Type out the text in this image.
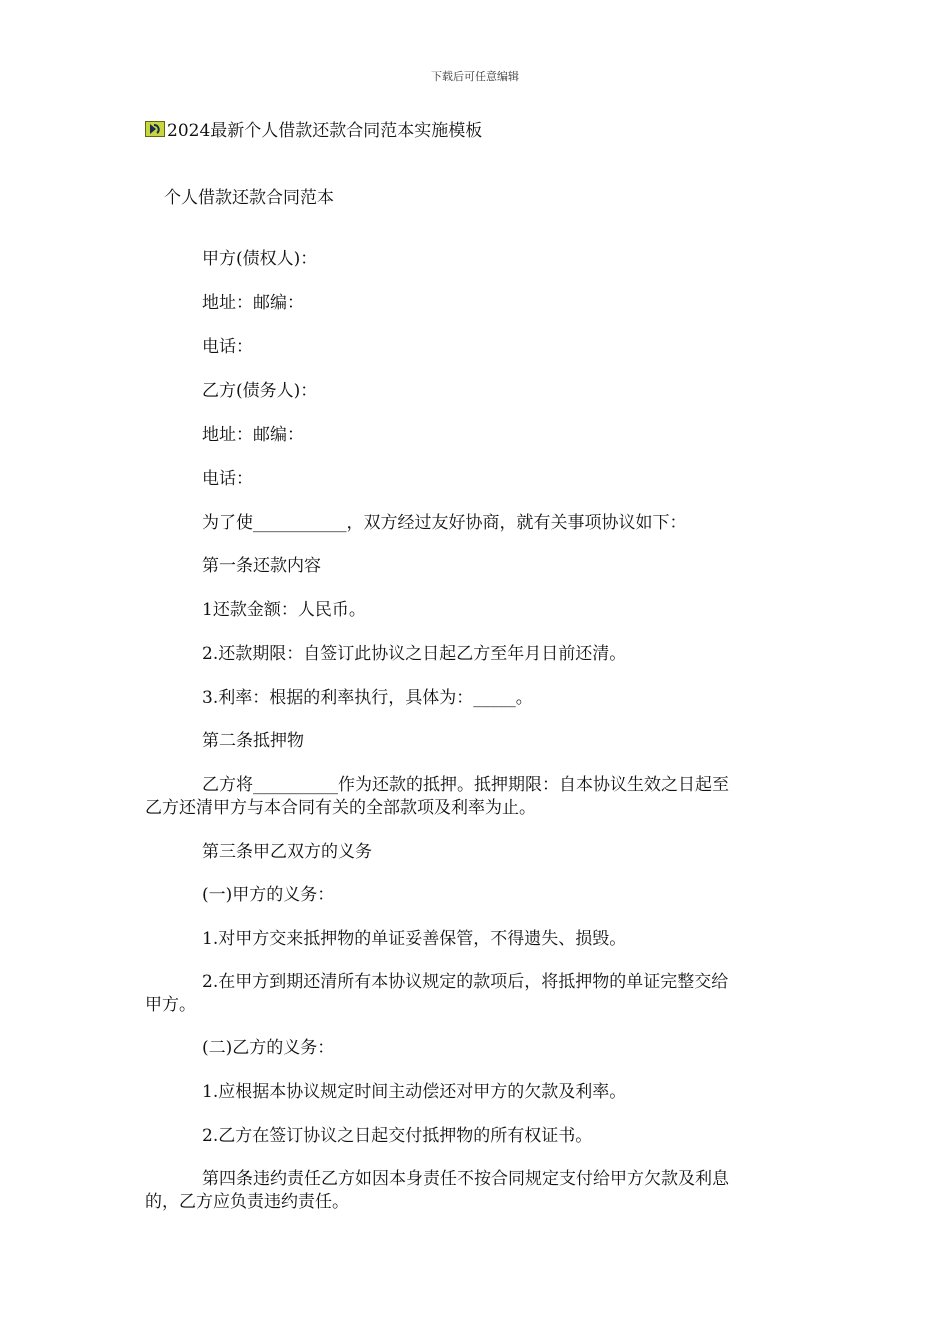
下载后可任意编辑
2024最新个人借款还款合同范本实施模板
个人借款还款合同范本
甲方(债权人)：
地址：邮编：
电话：
乙方(债务人)：
地址：邮编：
电话：
为了使___________，双方经过友好协商，就有关事项协议如下：
第一条还款内容
1还款金额：人民币。
2.还款期限：自签订此协议之日起乙方至年月日前还清。
3.利率：根据的利率执行，具体为：_____。
第二条抵押物
乙方将__________作为还款的抵押。抵押期限：自本协议生效之日起至
乙方还清甲方与本合同有关的全部款项及利率为止。
第三条甲乙双方的义务
(一)甲方的义务：
1.对甲方交来抵押物的单证妥善保管，不得遗失、损毁。
2.在甲方到期还清所有本协议规定的款项后，将抵押物的单证完整交给
甲方。
(二)乙方的义务：
1.应根据本协议规定时间主动偿还对甲方的欠款及利率。
2.乙方在签订协议之日起交付抵押物的所有权证书。
第四条违约责任乙方如因本身责任不按合同规定支付给甲方欠款及利息
的，乙方应负责违约责任。
